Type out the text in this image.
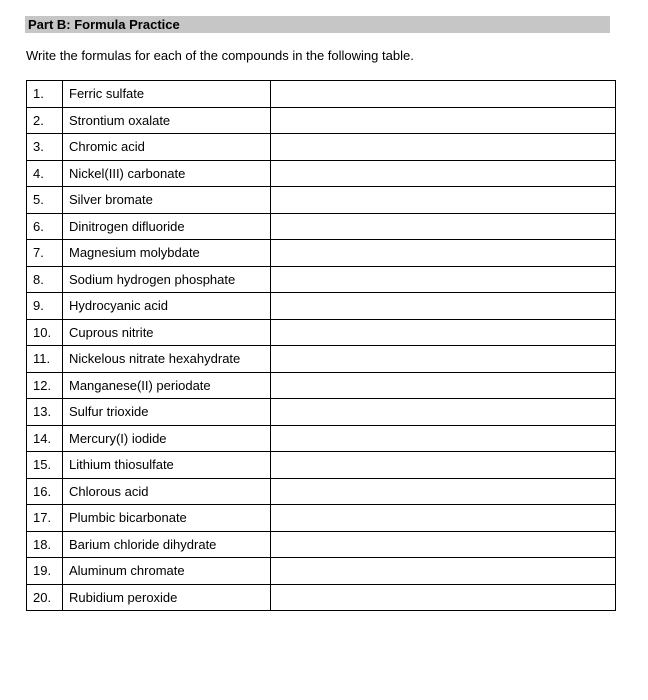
Part B: Formula Practice
Write the formulas for each of the compounds in the following table.
1.	Ferric sulfate	
2.	Strontium oxalate	
3.	Chromic acid	
4.	Nickel(III) carbonate	
5.	Silver bromate	
6.	Dinitrogen difluoride	
7.	Magnesium molybdate	
8.	Sodium hydrogen phosphate	
9.	Hydrocyanic acid	
10.	Cuprous nitrite	
11.	Nickelous nitrate hexahydrate	
12.	Manganese(II) periodate	
13.	Sulfur trioxide	
14.	Mercury(I) iodide	
15.	Lithium thiosulfate	
16.	Chlorous acid	
17.	Plumbic bicarbonate	
18.	Barium chloride dihydrate	
19.	Aluminum chromate	
20.	Rubidium peroxide	
